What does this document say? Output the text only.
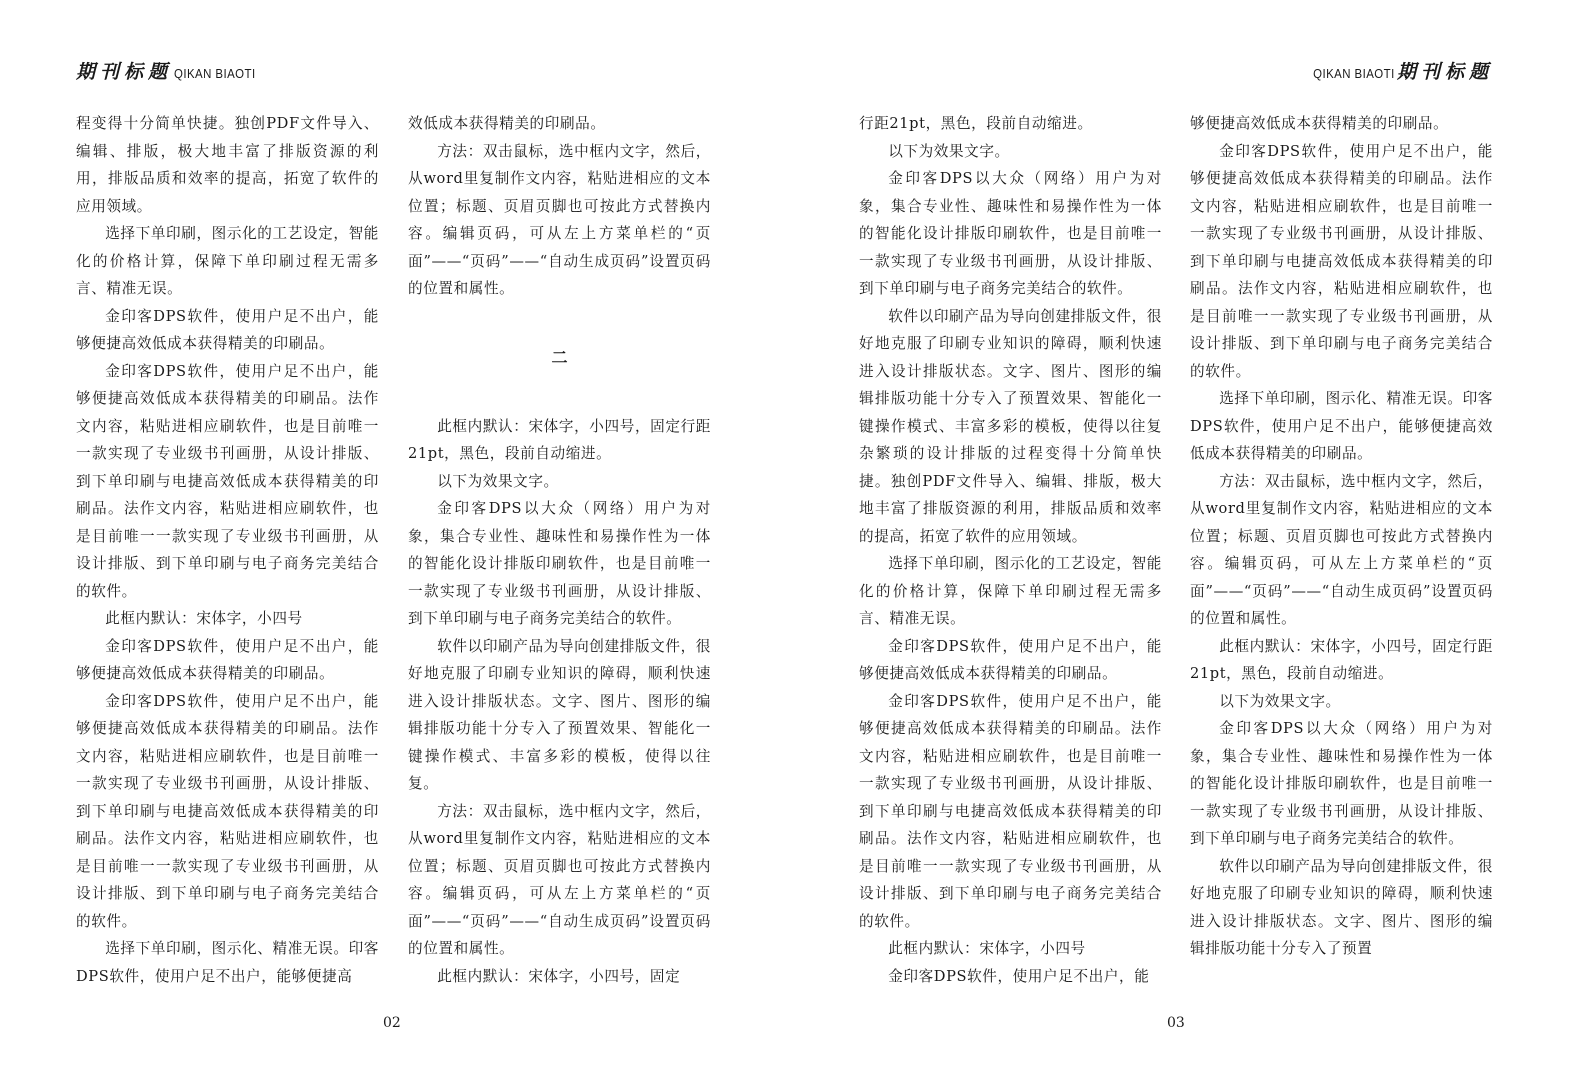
期刊标题 QIKAN BIAOTI

程变得十分简单快捷。独创PDF文件导入、编辑、排版，极大地丰富了排版资源的利用，排版品质和效率的提高，拓宽了软件的应用领域。

选择下单印刷，图示化的工艺设定，智能化的价格计算，保障下单印刷过程无需多言、精准无误。

金印客DPS软件，使用户足不出户，能够便捷高效低成本获得精美的印刷品。

金印客DPS软件，使用户足不出户，能够便捷高效低成本获得精美的印刷品。法作文内容，粘贴进相应刷软件，也是目前唯一一款实现了专业级书刊画册，从设计排版、到下单印刷与电捷高效低成本获得精美的印刷品。法作文内容，粘贴进相应刷软件，也是目前唯一一款实现了专业级书刊画册，从设计排版、到下单印刷与电子商务完美结合的软件。

此框内默认：宋体字，小四号

金印客DPS软件，使用户足不出户，能够便捷高效低成本获得精美的印刷品。

金印客DPS软件，使用户足不出户，能够便捷高效低成本获得精美的印刷品。法作文内容，粘贴进相应刷软件，也是目前唯一一款实现了专业级书刊画册，从设计排版、到下单印刷与电捷高效低成本获得精美的印刷品。法作文内容，粘贴进相应刷软件，也是目前唯一一款实现了专业级书刊画册，从设计排版、到下单印刷与电子商务完美结合的软件。

选择下单印刷，图示化、精准无误。印客DPS软件，使用户足不出户，能够便捷高

效低成本获得精美的印刷品。

方法：双击鼠标，选中框内文字，然后，从word里复制作文内容，粘贴进相应的文本位置；标题、页眉页脚也可按此方式替换内容。编辑页码，可从左上方菜单栏的“页面”——“页码”——“自动生成页码”设置页码的位置和属性。

二

此框内默认：宋体字，小四号，固定行距21pt，黑色，段前自动缩进。

以下为效果文字。

金印客DPS以大众（网络）用户为对象，集合专业性、趣味性和易操作性为一体的智能化设计排版印刷软件，也是目前唯一一款实现了专业级书刊画册，从设计排版、到下单印刷与电子商务完美结合的软件。

软件以印刷产品为导向创建排版文件，很好地克服了印刷专业知识的障碍，顺利快速进入设计排版状态。文字、图片、图形的编辑排版功能十分专入了预置效果、智能化一键操作模式、丰富多彩的模板，使得以往复。

方法：双击鼠标，选中框内文字，然后，从word里复制作文内容，粘贴进相应的文本位置；标题、页眉页脚也可按此方式替换内容。编辑页码，可从左上方菜单栏的“页面”——“页码”——“自动生成页码”设置页码的位置和属性。

此框内默认：宋体字，小四号，固定

02
QIKAN BIAOTI 期刊标题

行距21pt，黑色，段前自动缩进。

以下为效果文字。

金印客DPS以大众（网络）用户为对象，集合专业性、趣味性和易操作性为一体的智能化设计排版印刷软件，也是目前唯一一款实现了专业级书刊画册，从设计排版、到下单印刷与电子商务完美结合的软件。

软件以印刷产品为导向创建排版文件，很好地克服了印刷专业知识的障碍，顺利快速进入设计排版状态。文字、图片、图形的编辑排版功能十分专入了预置效果、智能化一键操作模式、丰富多彩的模板，使得以往复杂繁琐的设计排版的过程变得十分简单快捷。独创PDF文件导入、编辑、排版，极大地丰富了排版资源的利用，排版品质和效率的提高，拓宽了软件的应用领域。

选择下单印刷，图示化的工艺设定，智能化的价格计算，保障下单印刷过程无需多言、精准无误。

金印客DPS软件，使用户足不出户，能够便捷高效低成本获得精美的印刷品。

金印客DPS软件，使用户足不出户，能够便捷高效低成本获得精美的印刷品。法作文内容，粘贴进相应刷软件，也是目前唯一一款实现了专业级书刊画册，从设计排版、到下单印刷与电捷高效低成本获得精美的印刷品。法作文内容，粘贴进相应刷软件，也是目前唯一一款实现了专业级书刊画册，从设计排版、到下单印刷与电子商务完美结合的软件。

此框内默认：宋体字，小四号

金印客DPS软件，使用户足不出户，能

够便捷高效低成本获得精美的印刷品。

金印客DPS软件，使用户足不出户，能够便捷高效低成本获得精美的印刷品。法作文内容，粘贴进相应刷软件，也是目前唯一一款实现了专业级书刊画册，从设计排版、到下单印刷与电捷高效低成本获得精美的印刷品。法作文内容，粘贴进相应刷软件，也是目前唯一一款实现了专业级书刊画册，从设计排版、到下单印刷与电子商务完美结合的软件。

选择下单印刷，图示化、精准无误。印客DPS软件，使用户足不出户，能够便捷高效低成本获得精美的印刷品。

方法：双击鼠标，选中框内文字，然后，从word里复制作文内容，粘贴进相应的文本位置；标题、页眉页脚也可按此方式替换内容。编辑页码，可从左上方菜单栏的“页面”——“页码”——“自动生成页码”设置页码的位置和属性。

此框内默认：宋体字，小四号，固定行距21pt，黑色，段前自动缩进。

以下为效果文字。

金印客DPS以大众（网络）用户为对象，集合专业性、趣味性和易操作性为一体的智能化设计排版印刷软件，也是目前唯一一款实现了专业级书刊画册，从设计排版、到下单印刷与电子商务完美结合的软件。

软件以印刷产品为导向创建排版文件，很好地克服了印刷专业知识的障碍，顺利快速进入设计排版状态。文字、图片、图形的编辑排版功能十分专入了预置

03
